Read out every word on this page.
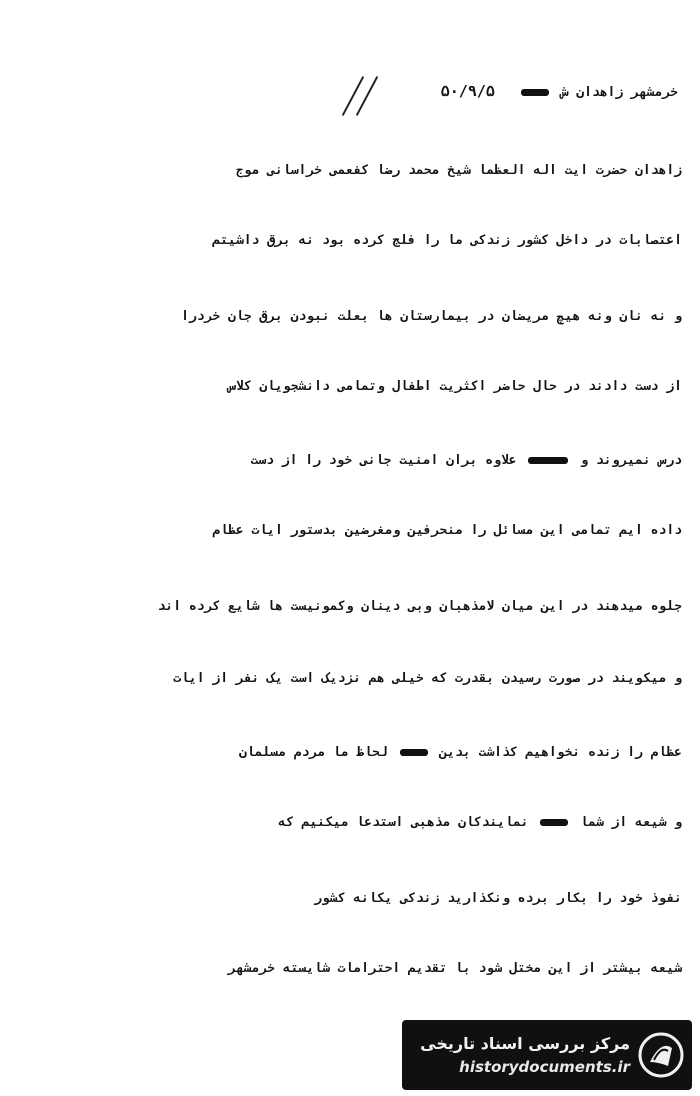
خرمشهر زاهدان ش  ۵۰/۹/۵
زاهدان حضرت ایت اله العظما شیخ محمد رضا کفعمی خراسانی موج
اعتصابات در داخل کشور زندکی ما را فلج کرده بود نه برق داشیتم
و نه نان ونه هیچ مریضان در بیمارستان ها بعلت نبودن برق جان خردرا
از دست دادند در حال حاضر اکثریت اطفال وتمامی دانشجویان کلاس
درس نمیروند و  علاوه بران امنیت جانی خود را از دست
داده ایم تمامی این مسائل را منحرفین ومغرضین بدستور ایات عظام
جلوه میدهند در این میان لامذهبان وبی دینان وکمونیست ها شایع کرده اند
و میکویند در صورت رسیدن بقدرت که خیلی هم نزدیک است یک نفر از ایات
عظام را زنده نخواهیم کذاشت بدین  لحاظ ما مردم مسلمان
و شیعه از شما  نمایندکان مذهبی استدعا میکنیم که
نفوذ خود را بکار برده ونکذارید زندکی یکانه کشور
شیعه بیشتر از این مختل شود با تقدیم احترامات شایسته خرمشهر
مرکز بررسی اسناد تاریخی
historydocuments.ir
